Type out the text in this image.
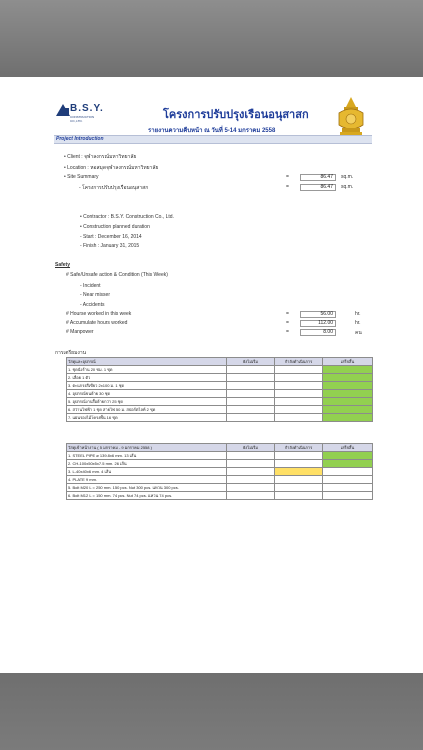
B.S.Y.
CONSTRUCTION CO.,LTD.	โครงการปรับปรุงเรือนอนุสาสก
รายงานความคืบหน้า ณ วันที่ 5-14 มกราคม 2558
Project Introduction
• Client : จุฬาลงกรณ์มหาวิทยาลัย
• Location : หอสมุดจุฬาลงกรณ์มหาวิทยาลัย
• Site Summary	=	86.47	sq.m.
- โครงการปรับปรุงเรือนอนุสาสก	=	86.47	sq.m.
• Contractor : B.S.Y. Construction Co., Ltd.
• Construction planned duration
- Start : December 16, 2014
- Finish : January 31, 2015
Safety
# Safe/Unsafe action & Condition (This Week)
- Incident
- Near misser
- Accidents
# Hourse worked in this week	=	56.00	hr.
# Accumulate hours worked	=	112.00	hr.
# Manpower	=	8.00	คน
การเตรียมงาน
วัสดุและอุปกรณ์	ยังไม่เริ่ม	กำลังดำเนินการ	เสร็จสิ้น
1. ชุดนั่งร้าน 20 ชม. 1 ชุด			
2. เลื่อย 1 ตัว			
3. ตะแกรงสีเขียว 2x100 ม. 1 ชุด			
4. อุปกรณ์ขนย้าย 30 ชุด			
5. อุปกรณ์งานรื้อย้ายกว่า 25 ชุด			
6. สว่านไฟฟ้า 1 ชุด สายไฟ 50 ม. สปอร์ตไลท์ 2 ชุด			
7. แผ่นรองไม้โครงพื้น 16 ชุด			
วัสดุเข้าหน้างาน ( 5 มกราคม - 9 มกราคม 2558 )	ยังไม่เริ่ม	กำลังดำเนินการ	เสร็จสิ้น
1. STEEL PIPE ø 139.8x6 mm. 13 เส้น			
2. CH-100x50x5x7.5 mm. 26 เส้น			
3. L-40x40x6 mm. 4 เส้น			
4. PLATE 9 mm.			
5. Bolt M20 L = 250 mm. 150 pcs. Nut 300 pcs. แหวน 300 pcs.			
6. Bolt M12 L = 150 mm. 74 pcs. Nut 74 pcs. แหวน 74 pcs.			
